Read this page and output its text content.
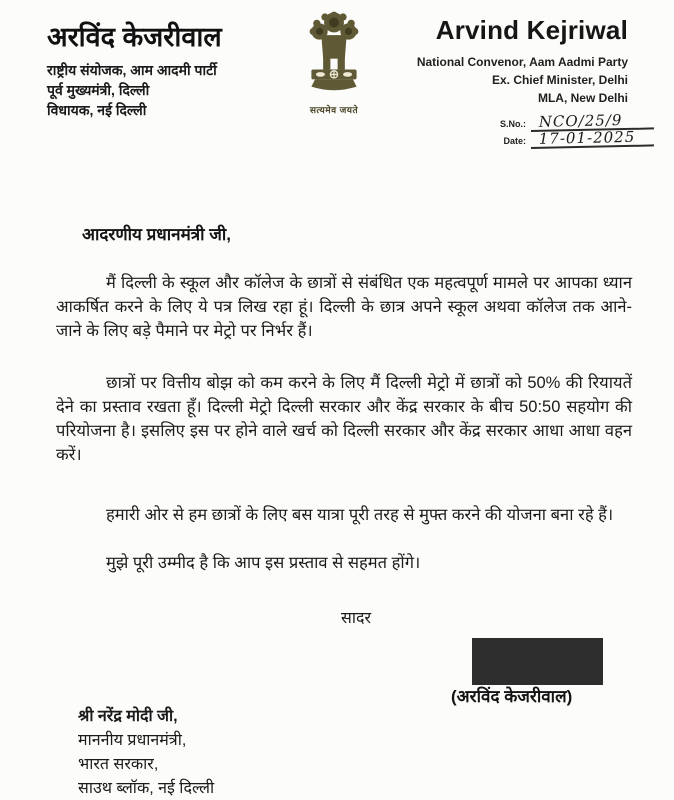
अरविंद केजरीवाल
राष्ट्रीय संयोजक, आम आदमी पार्टी
पूर्व मुख्यमंत्री, दिल्ली
विधायक, नई दिल्ली	सत्यमेव जयते
Arvind Kejriwal
National Convenor, Aam Aadmi Party
Ex. Chief Minister, Delhi
MLA, New Delhi
S.No.: NCO/25/9
Date: 17-01-2025
आदरणीय प्रधानमंत्री जी,

मैं दिल्ली के स्कूल और कॉलेज के छात्रों से संबंधित एक महत्वपूर्ण मामले पर आपका ध्यान आकर्षित करने के लिए ये पत्र लिख रहा हूं। दिल्ली के छात्र अपने स्कूल अथवा कॉलेज तक आने-जाने के लिए बड़े पैमाने पर मेट्रो पर निर्भर हैं।

छात्रों पर वित्तीय बोझ को कम करने के लिए मैं दिल्ली मेट्रो में छात्रों को 50% की रियायतें देने का प्रस्ताव रखता हूँ। दिल्ली मेट्रो दिल्ली सरकार और केंद्र सरकार के बीच 50:50 सहयोग की परियोजना है। इसलिए इस पर होने वाले खर्च को दिल्ली सरकार और केंद्र सरकार आधा आधा वहन करें।

हमारी ओर से हम छात्रों के लिए बस यात्रा पूरी तरह से मुफ्त करने की योजना बना रहे हैं।

मुझे पूरी उम्मीद है कि आप इस प्रस्ताव से सहमत होंगे।

सादर
(अरविंद केजरीवाल)
श्री नरेंद्र मोदी जी,
माननीय प्रधानमंत्री,
भारत सरकार,
साउथ ब्लॉक, नई दिल्ली
